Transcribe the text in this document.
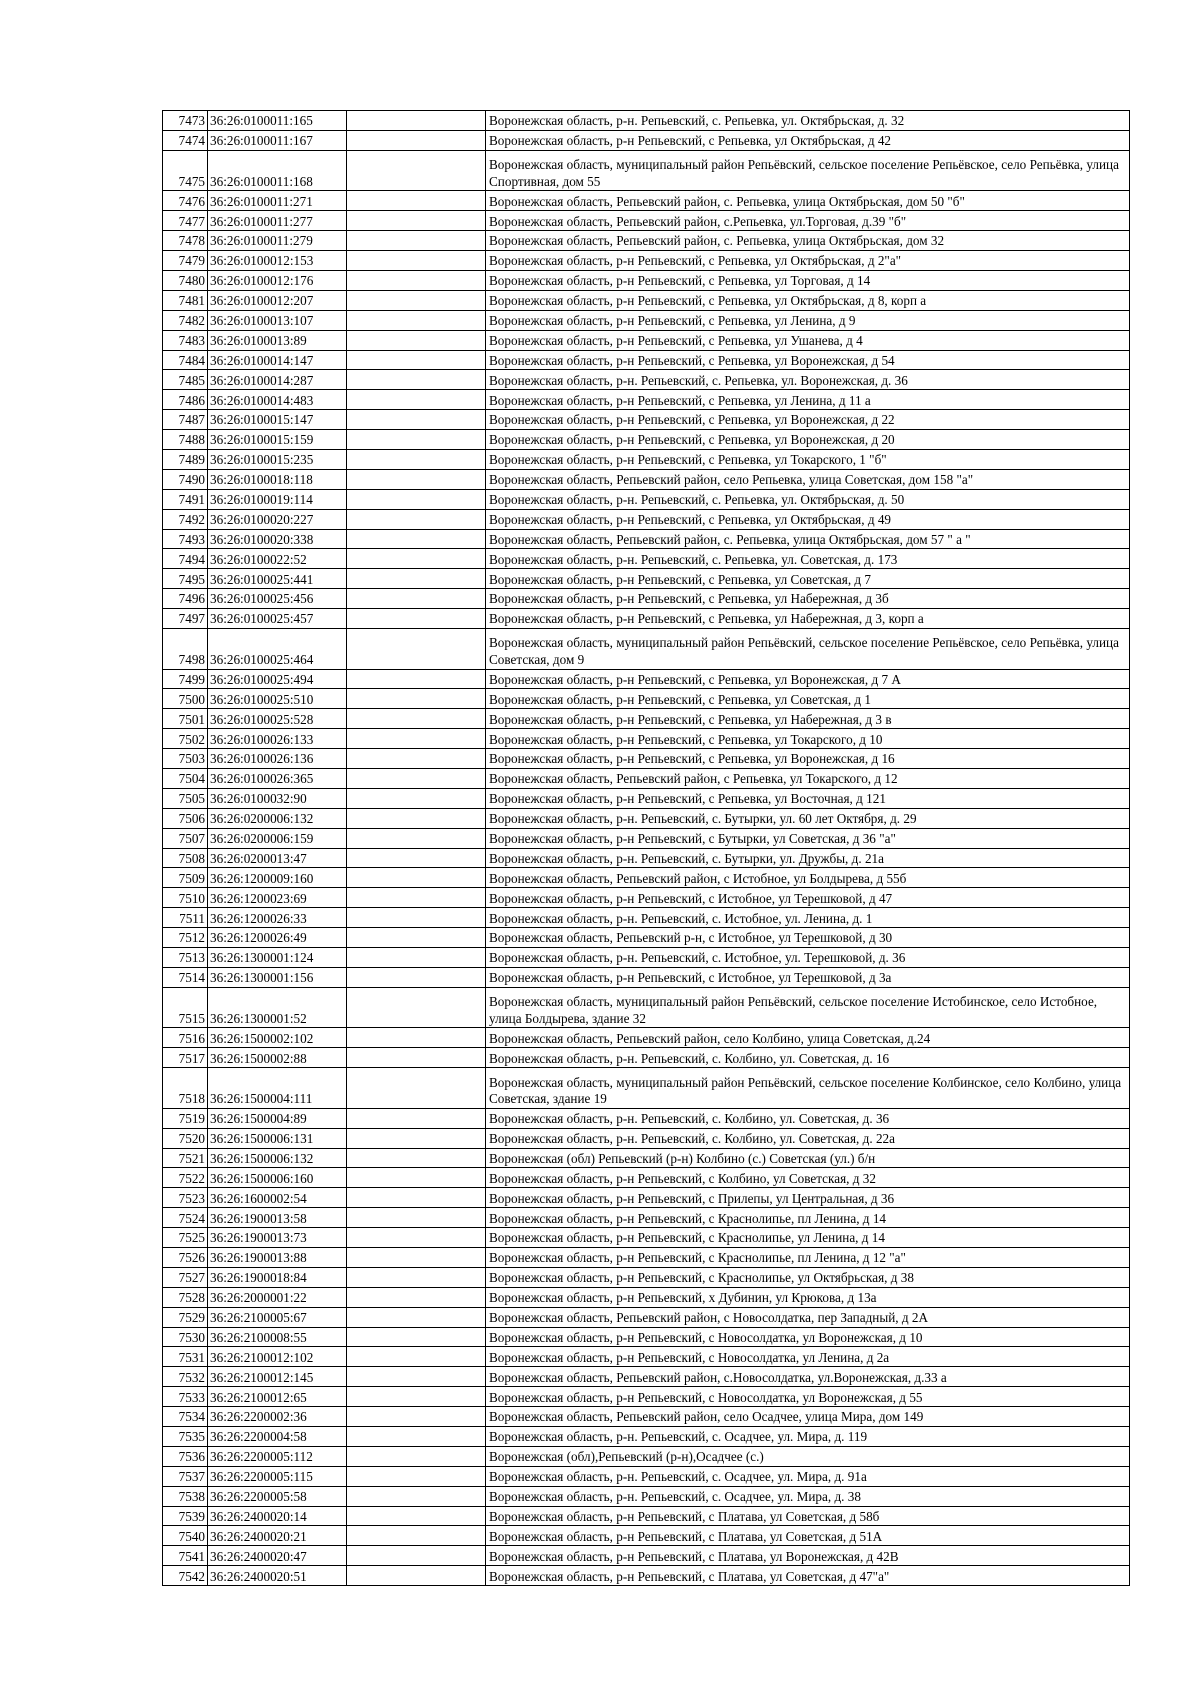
7473	36:26:0100011:165		Воронежская область, р-н. Репьевский, с. Репьевка, ул. Октябрьская, д. 32
7474	36:26:0100011:167		Воронежская область, р-н Репьевский, с Репьевка, ул Октябрьская, д 42
7475	36:26:0100011:168		Воронежская область, муниципальный район Репьёвский, сельское поселение Репьёвское, село Репьёвка, улица Спортивная, дом 55
7476	36:26:0100011:271		Воронежская область, Репьевский район, с. Репьевка, улица Октябрьская, дом 50 "б"
7477	36:26:0100011:277		Воронежская область, Репьевский район, с.Репьевка, ул.Торговая, д.39 "б"
7478	36:26:0100011:279		Воронежская область, Репьевский район, с. Репьевка, улица Октябрьская, дом 32
7479	36:26:0100012:153		Воронежская область, р-н Репьевский, с Репьевка, ул Октябрьская, д 2"а"
7480	36:26:0100012:176		Воронежская область, р-н Репьевский, с Репьевка, ул Торговая, д 14
7481	36:26:0100012:207		Воронежская область, р-н Репьевский, с Репьевка, ул Октябрьская, д 8, корп а
7482	36:26:0100013:107		Воронежская область, р-н Репьевский, с Репьевка, ул Ленина, д 9
7483	36:26:0100013:89		Воронежская область, р-н Репьевский, с Репьевка, ул Ушанева, д 4
7484	36:26:0100014:147		Воронежская область, р-н Репьевский, с Репьевка, ул Воронежская, д 54
7485	36:26:0100014:287		Воронежская область, р-н. Репьевский, с. Репьевка, ул. Воронежская, д. 36
7486	36:26:0100014:483		Воронежская область, р-н Репьевский, с Репьевка, ул Ленина, д 11 а
7487	36:26:0100015:147		Воронежская область, р-н Репьевский, с Репьевка, ул Воронежская, д 22
7488	36:26:0100015:159		Воронежская область, р-н Репьевский, с Репьевка, ул Воронежская, д 20
7489	36:26:0100015:235		Воронежская область, р-н Репьевский, с Репьевка, ул Токарского, 1 "б"
7490	36:26:0100018:118		Воронежская область, Репьевский район, село Репьевка, улица Советская, дом 158 "а"
7491	36:26:0100019:114		Воронежская область, р-н. Репьевский, с. Репьевка, ул. Октябрьская, д. 50
7492	36:26:0100020:227		Воронежская область, р-н Репьевский, с Репьевка, ул Октябрьская, д 49
7493	36:26:0100020:338		Воронежская область, Репьевский район, с. Репьевка, улица Октябрьская, дом 57 " а "
7494	36:26:0100022:52		Воронежская область, р-н. Репьевский, с. Репьевка, ул. Советская, д. 173
7495	36:26:0100025:441		Воронежская область, р-н Репьевский, с Репьевка, ул Советская, д 7
7496	36:26:0100025:456		Воронежская область, р-н Репьевский, с Репьевка, ул Набережная, д 3б
7497	36:26:0100025:457		Воронежская область, р-н Репьевский, с Репьевка, ул Набережная, д 3, корп а
7498	36:26:0100025:464		Воронежская область, муниципальный район Репьёвский, сельское поселение Репьёвское, село Репьёвка, улица Советская, дом 9
7499	36:26:0100025:494		Воронежская область, р-н Репьевский, с Репьевка, ул Воронежская, д 7 А
7500	36:26:0100025:510		Воронежская область, р-н Репьевский, с Репьевка, ул Советская, д 1
7501	36:26:0100025:528		Воронежская область, р-н Репьевский, с Репьевка, ул Набережная, д 3 в
7502	36:26:0100026:133		Воронежская область, р-н Репьевский, с Репьевка, ул Токарского, д 10
7503	36:26:0100026:136		Воронежская область, р-н Репьевский, с Репьевка, ул Воронежская, д 16
7504	36:26:0100026:365		Воронежская область, Репьевский район, с Репьевка, ул Токарского, д 12
7505	36:26:0100032:90		Воронежская область, р-н Репьевский, с Репьевка, ул Восточная, д 121
7506	36:26:0200006:132		Воронежская область, р-н. Репьевский, с. Бутырки, ул. 60 лет Октября, д. 29
7507	36:26:0200006:159		Воронежская область, р-н Репьевский, с Бутырки, ул Советская, д 36 "а"
7508	36:26:0200013:47		Воронежская область, р-н. Репьевский, с. Бутырки, ул. Дружбы, д. 21а
7509	36:26:1200009:160		Воронежская область, Репьевский район, с Истобное, ул Болдырева, д 55б
7510	36:26:1200023:69		Воронежская область, р-н Репьевский, с Истобное, ул Терешковой, д 47
7511	36:26:1200026:33		Воронежская область, р-н. Репьевский, с. Истобное, ул. Ленина, д. 1
7512	36:26:1200026:49		Воронежская область, Репьевский р-н, с Истобное, ул Терешковой, д 30
7513	36:26:1300001:124		Воронежская область, р-н. Репьевский, с. Истобное, ул. Терешковой, д. 36
7514	36:26:1300001:156		Воронежская область, р-н Репьевский, с Истобное, ул Терешковой, д 3а
7515	36:26:1300001:52		Воронежская область, муниципальный район Репьёвский, сельское поселение Истобинское, село Истобное, улица Болдырева, здание 32
7516	36:26:1500002:102		Воронежская область, Репьевский район, село Колбино, улица Советская, д.24
7517	36:26:1500002:88		Воронежская область, р-н. Репьевский, с. Колбино, ул. Советская, д. 16
7518	36:26:1500004:111		Воронежская область, муниципальный район Репьёвский, сельское поселение Колбинское, село Колбино, улица Советская, здание 19
7519	36:26:1500004:89		Воронежская область, р-н. Репьевский, с. Колбино, ул. Советская, д. 36
7520	36:26:1500006:131		Воронежская область, р-н. Репьевский, с. Колбино, ул. Советская, д. 22а
7521	36:26:1500006:132		Воронежская (обл) Репьевский (р-н) Колбино (с.) Советская (ул.) б/н
7522	36:26:1500006:160		Воронежская область, р-н Репьевский, с Колбино, ул Советская, д 32
7523	36:26:1600002:54		Воронежская область, р-н Репьевский, с Прилепы, ул Центральная, д 36
7524	36:26:1900013:58		Воронежская область, р-н Репьевский, с Краснолипье, пл Ленина, д 14
7525	36:26:1900013:73		Воронежская область, р-н Репьевский, с Краснолипье, ул Ленина, д 14
7526	36:26:1900013:88		Воронежская область, р-н Репьевский, с Краснолипье, пл Ленина, д 12 "а"
7527	36:26:1900018:84		Воронежская область, р-н Репьевский, с Краснолипье, ул Октябрьская, д 38
7528	36:26:2000001:22		Воронежская область, р-н Репьевский, х Дубинин, ул Крюкова, д 13а
7529	36:26:2100005:67		Воронежская область, Репьевский район, с Новосолдатка, пер Западный, д 2А
7530	36:26:2100008:55		Воронежская область, р-н Репьевский, с Новосолдатка, ул Воронежская, д 10
7531	36:26:2100012:102		Воронежская область, р-н Репьевский, с Новосолдатка, ул Ленина, д 2а
7532	36:26:2100012:145		Воронежская область, Репьевский район, с.Новосолдатка, ул.Воронежская, д.33 а
7533	36:26:2100012:65		Воронежская область, р-н Репьевский, с Новосолдатка, ул Воронежская, д 55
7534	36:26:2200002:36		Воронежская область, Репьевский район, село Осадчее, улица Мира, дом 149
7535	36:26:2200004:58		Воронежская область, р-н. Репьевский, с. Осадчее, ул. Мира, д. 119
7536	36:26:2200005:112		Воронежская (обл),Репьевский (р-н),Осадчее (с.)
7537	36:26:2200005:115		Воронежская область, р-н. Репьевский, с. Осадчее, ул. Мира, д. 91а
7538	36:26:2200005:58		Воронежская область, р-н. Репьевский, с. Осадчее, ул. Мира, д. 38
7539	36:26:2400020:14		Воронежская область, р-н Репьевский, с Платава, ул Советская, д 58б
7540	36:26:2400020:21		Воронежская область, р-н Репьевский, с Платава, ул Советская, д 51А
7541	36:26:2400020:47		Воронежская область, р-н Репьевский, с Платава, ул Воронежская, д 42В
7542	36:26:2400020:51		Воронежская область, р-н Репьевский, с Платава, ул Советская, д 47"а"
